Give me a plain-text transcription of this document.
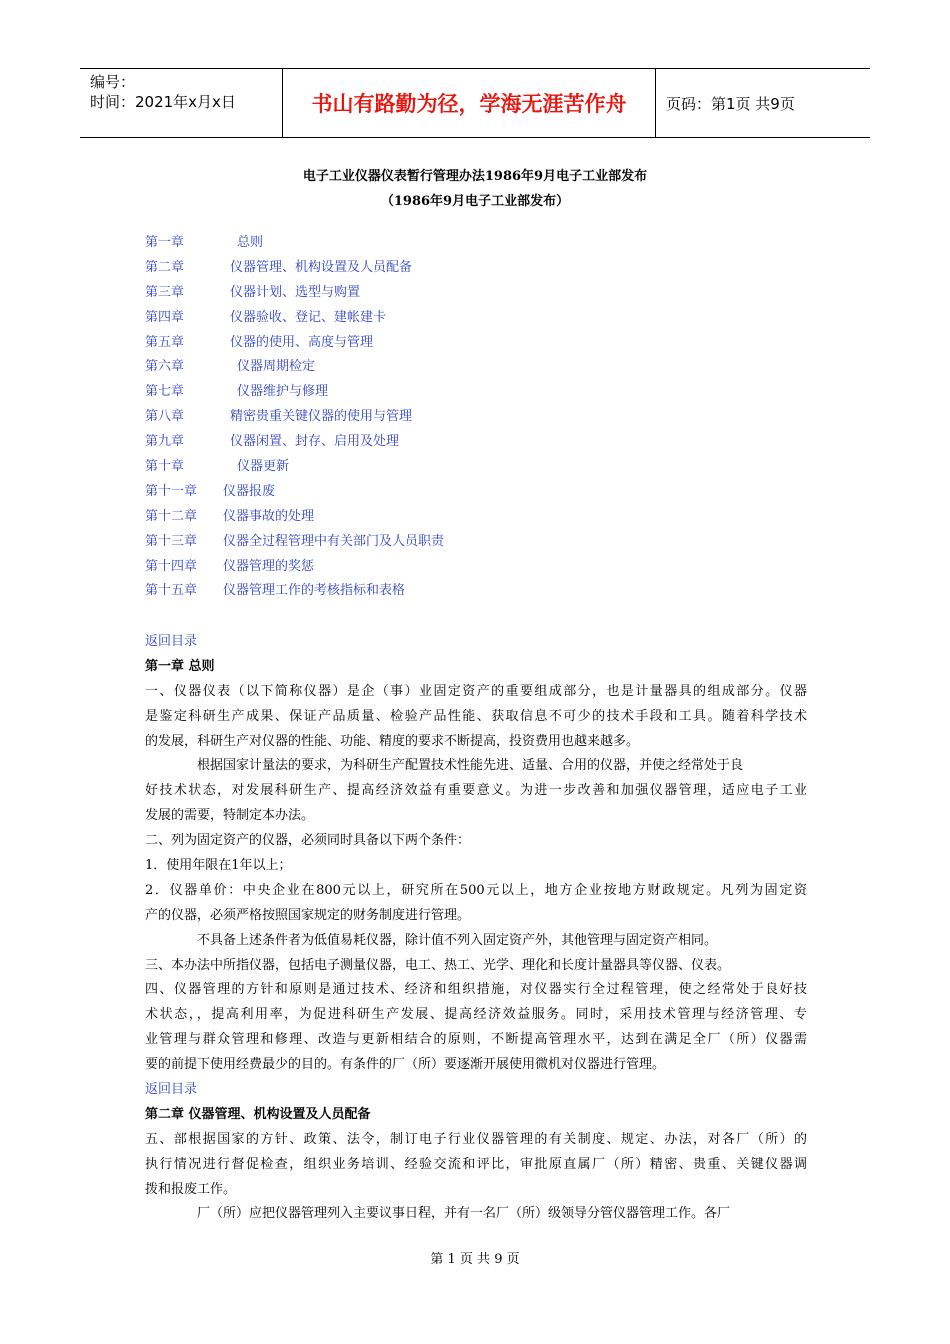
编号：
时间：2021年x月x日	书山有路勤为径，学海无涯苦作舟	页码：第1页 共9页
电子工业仪器仪表暂行管理办法1986年9月电子工业部发布
（1986年9月电子工业部发布）
第一章	总则
第二章	仪器管理、机构设置及人员配备
第三章	仪器计划、选型与购置
第四章	仪器验收、登记、建帐建卡
第五章	仪器的使用、高度与管理
第六章	仪器周期检定
第七章	仪器维护与修理
第八章	精密贵重关键仪器的使用与管理
第九章	仪器闲置、封存、启用及处理
第十章	仪器更新
第十一章	仪器报废
第十二章	仪器事故的处理
第十三章	仪器全过程管理中有关部门及人员职责
第十四章	仪器管理的奖惩
第十五章	仪器管理工作的考核指标和表格
返回目录
第一章 总则
一、仪器仪表（以下简称仪器）是企（事）业固定资产的重要组成部分，也是计量器具的组成部分。仪器
是鉴定科研生产成果、保证产品质量、检验产品性能、获取信息不可少的技术手段和工具。随着科学技术
的发展，科研生产对仪器的性能、功能、精度的要求不断提高，投资费用也越来越多。
根据国家计量法的要求，为科研生产配置技术性能先进、适量、合用的仪器，并使之经常处于良
好技术状态，对发展科研生产、提高经济效益有重要意义。为进一步改善和加强仪器管理，适应电子工业
发展的需要，特制定本办法。
二、列为固定资产的仪器，必须同时具备以下两个条件：
1．使用年限在1年以上；
2．仪器单价：中央企业在800元以上，研究所在500元以上，地方企业按地方财政规定。凡列为固定资
产的仪器，必须严格按照国家规定的财务制度进行管理。
不具备上述条件者为低值易耗仪器，除计值不列入固定资产外，其他管理与固定资产相同。
三、本办法中所指仪器，包括电子测量仪器，电工、热工、光学、理化和长度计量器具等仪器、仪表。
四、仪器管理的方针和原则是通过技术、经济和组织措施，对仪器实行全过程管理，使之经常处于良好技
术状态，，提高利用率，为促进科研生产发展、提高经济效益服务。同时，采用技术管理与经济管理、专
业管理与群众管理和修理、改造与更新相结合的原则，不断提高管理水平，达到在满足全厂（所）仪器需
要的前提下使用经费最少的目的。有条件的厂（所）要逐渐开展使用微机对仪器进行管理。
返回目录
第二章 仪器管理、机构设置及人员配备
五、部根据国家的方针、政策、法令，制订电子行业仪器管理的有关制度、规定、办法，对各厂（所）的
执行情况进行督促检查，组织业务培训、经验交流和评比，审批原直属厂（所）精密、贵重、关键仪器调
拨和报废工作。
厂（所）应把仪器管理列入主要议事日程，并有一名厂（所）级领导分管仪器管理工作。各厂
第 1 页 共 9 页
